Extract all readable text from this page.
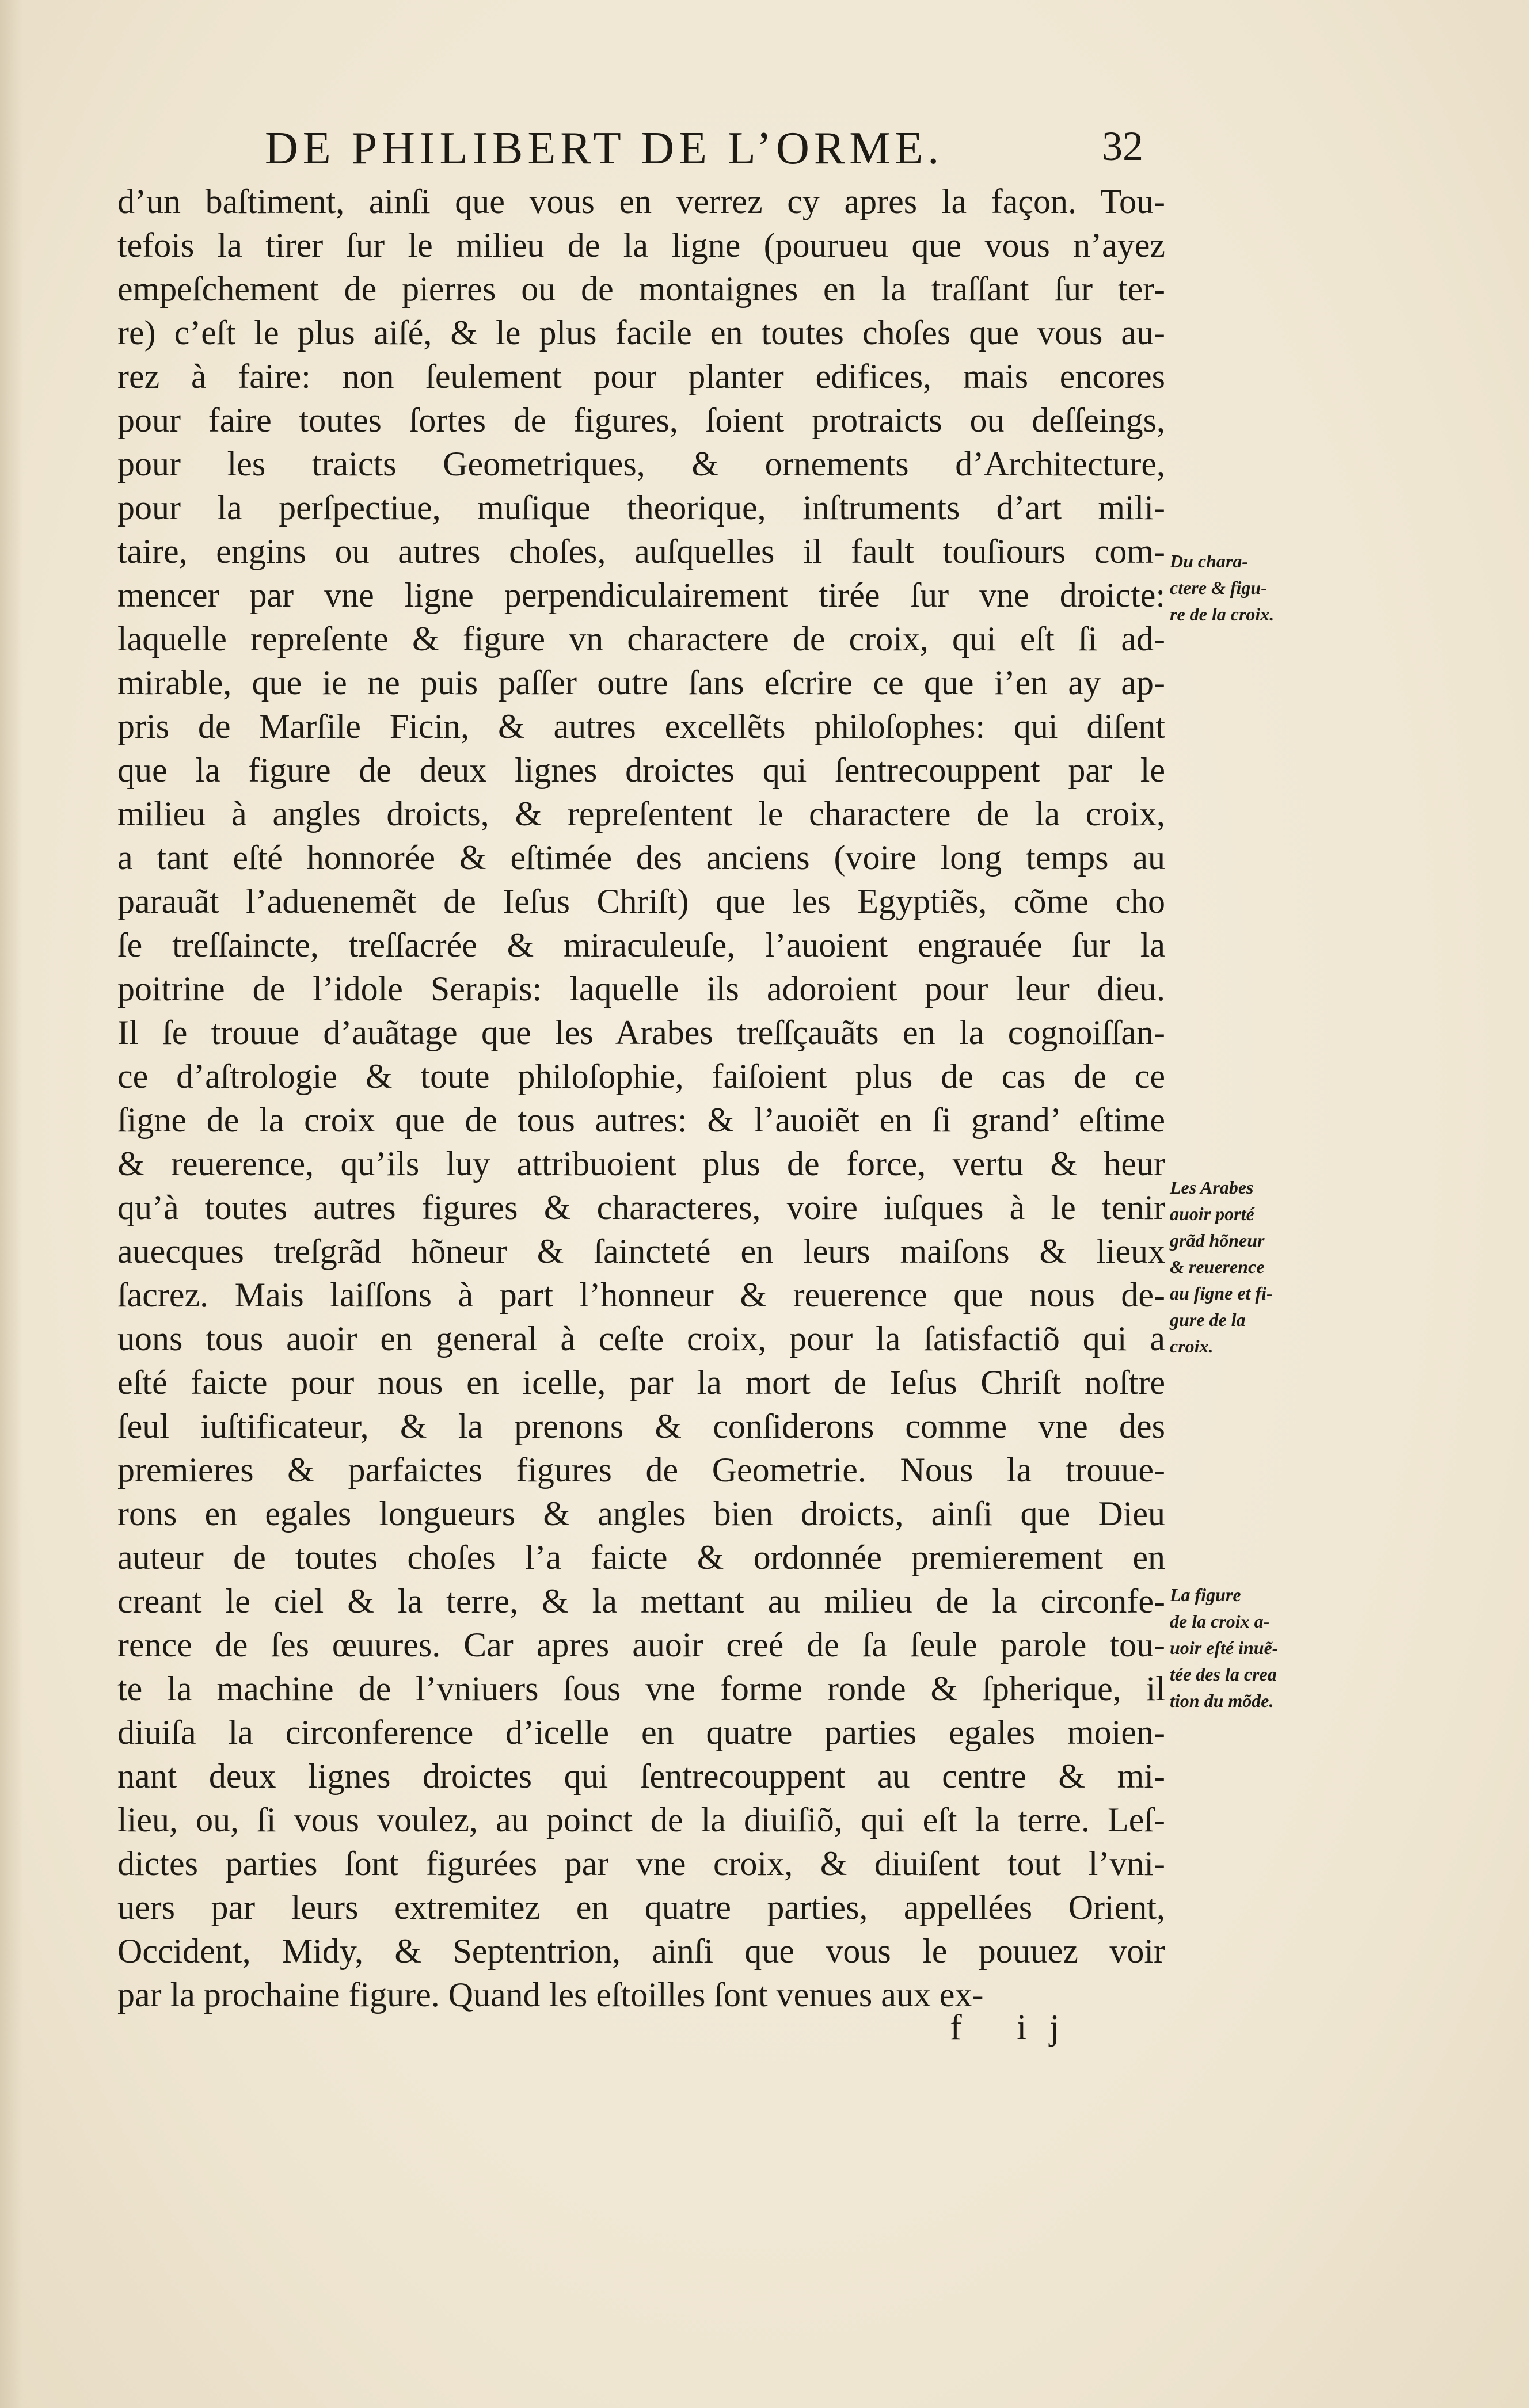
DE PHILIBERT DE L’ORME.	32
d’un baſtiment, ainſi que vous en verrez cy apres la façon. Tou-
tefois la tirer ſur le milieu de la ligne (pourueu que vous n’ayez
empeſchement de pierres ou de montaignes en la traſſant ſur ter-
re) c’eſt le plus aiſé, & le plus facile en toutes choſes que vous au-
rez à faire: non ſeulement pour planter edifices, mais encores
pour faire toutes ſortes de figures, ſoient protraicts ou deſſeings,
pour les traicts Geometriques, & ornements d’Architecture,
pour la perſpectiue, muſique theorique, inſtruments d’art mili-
taire, engins ou autres choſes, auſquelles il fault touſiours com-
mencer par vne ligne perpendiculairement tirée ſur vne droicte:
laquelle repreſente & figure vn charactere de croix, qui eſt ſi ad-
mirable, que ie ne puis paſſer outre ſans eſcrire ce que i’en ay ap-
pris de Marſile Ficin, & autres excellẽts philoſophes: qui diſent
que la figure de deux lignes droictes qui ſentrecouppent par le
milieu à angles droicts, & repreſentent le charactere de la croix,
a tant eſté honnorée & eſtimée des anciens (voire long temps au
parauãt l’aduenemẽt de Ieſus Chriſt) que les Egyptiẽs, cõme cho
ſe treſſaincte, treſſacrée & miraculeuſe, l’auoient engrauée ſur la
poitrine de l’idole Serapis: laquelle ils adoroient pour leur dieu.
Il ſe trouue d’auãtage que les Arabes treſſçauãts en la cognoiſſan-
ce d’aſtrologie & toute philoſophie, faiſoient plus de cas de ce
ſigne de la croix que de tous autres: & l’auoiẽt en ſi grand’ eſtime
& reuerence, qu’ils luy attribuoient plus de force, vertu & heur
qu’à toutes autres figures & characteres, voire iuſques à le tenir
auecques treſgrãd hõneur & ſaincteté en leurs maiſons & lieux
ſacrez. Mais laiſſons à part l’honneur & reuerence que nous de-
uons tous auoir en general à ceſte croix, pour la ſatisfactiõ qui a
eſté faicte pour nous en icelle, par la mort de Ieſus Chriſt noſtre
ſeul iuſtificateur, & la prenons & conſiderons comme vne des
premieres & parfaictes figures de Geometrie. Nous la trouue-
rons en egales longueurs & angles bien droicts, ainſi que Dieu
auteur de toutes choſes l’a faicte & ordonnée premierement en
creant le ciel & la terre, & la mettant au milieu de la circonfe-
rence de ſes œuures. Car apres auoir creé de ſa ſeule parole tou-
te la machine de l’vniuers ſous vne forme ronde & ſpherique, il
diuiſa la circonference d’icelle en quatre parties egales moien-
nant deux lignes droictes qui ſentrecouppent au centre & mi-
lieu, ou, ſi vous voulez, au poinct de la diuiſiõ, qui eſt la terre. Leſ-
dictes parties ſont figurées par vne croix, & diuiſent tout l’vni-
uers par leurs extremitez en quatre parties, appellées Orient,
Occident, Midy, & Septentrion, ainſi que vous le pouuez voir
par la prochaine figure. Quand les eſtoilles ſont venues aux ex-
Du chara-
ctere & figu-
re de la croix.
Les Arabes
auoir porté
grãd hõneur
& reuerence
au ſigne et fi-
gure de la
croix.
La figure
de la croix a-
uoir eſté inuẽ-
tée des la crea
tion du mõde.
f ij
